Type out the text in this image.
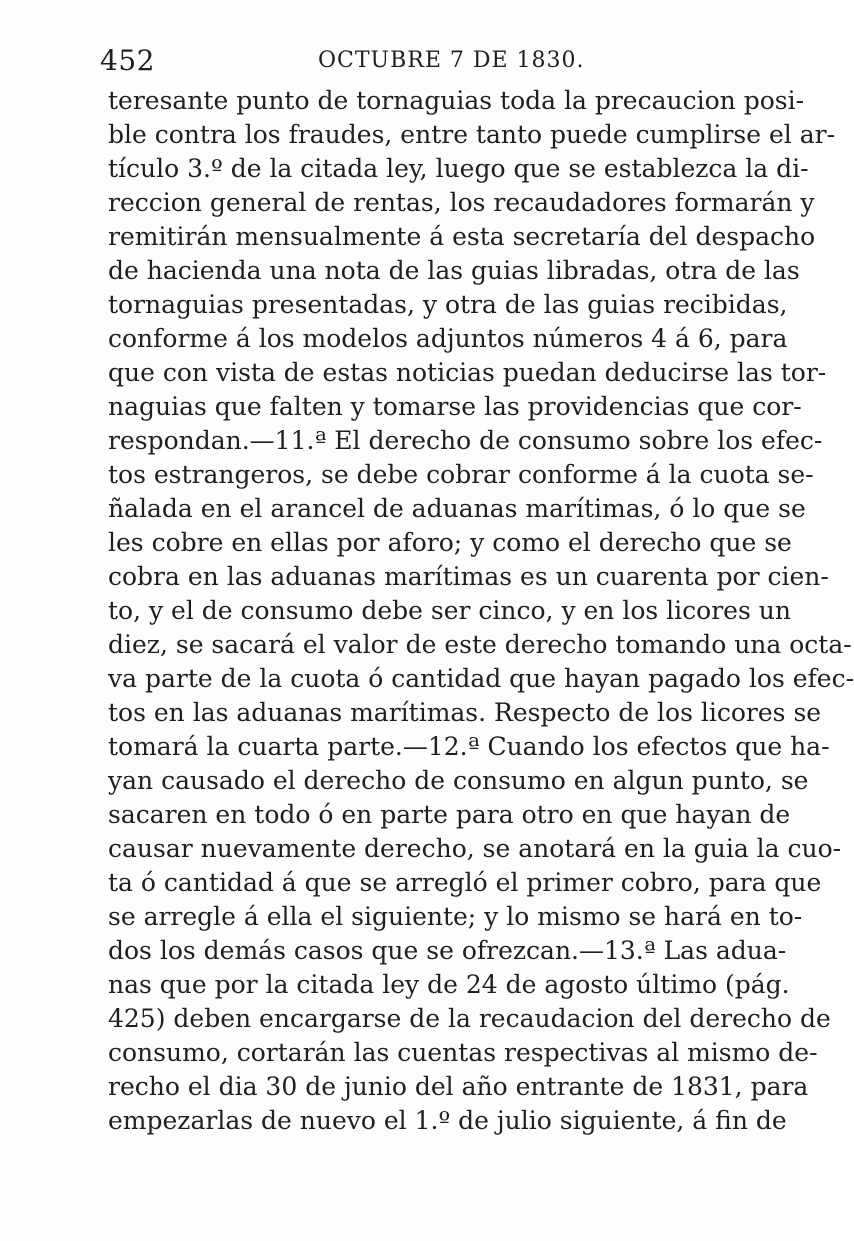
452	OCTUBRE 7 DE 1830.
teresante punto de tornaguias toda la precaucion posi-
ble contra los fraudes, entre tanto puede cumplirse el ar-
tículo 3.º de la citada ley, luego que se establezca la di-
reccion general de rentas, los recaudadores formarán y
remitirán mensualmente á esta secretaría del despacho
de hacienda una nota de las guias libradas, otra de las
tornaguias presentadas, y otra de las guias recibidas,
conforme á los modelos adjuntos números 4 á 6, para
que con vista de estas noticias puedan deducirse las tor-
naguias que falten y tomarse las providencias que cor-
respondan.—11.ª El derecho de consumo sobre los efec-
tos estrangeros, se debe cobrar conforme á la cuota se-
ñalada en el arancel de aduanas marítimas, ó lo que se
les cobre en ellas por aforo; y como el derecho que se
cobra en las aduanas marítimas es un cuarenta por cien-
to, y el de consumo debe ser cinco, y en los licores un
diez, se sacará el valor de este derecho tomando una octa-
va parte de la cuota ó cantidad que hayan pagado los efec-
tos en las aduanas marítimas. Respecto de los licores se
tomará la cuarta parte.—12.ª Cuando los efectos que ha-
yan causado el derecho de consumo en algun punto, se
sacaren en todo ó en parte para otro en que hayan de
causar nuevamente derecho, se anotará en la guia la cuo-
ta ó cantidad á que se arregló el primer cobro, para que
se arregle á ella el siguiente; y lo mismo se hará en to-
dos los demás casos que se ofrezcan.—13.ª Las adua-
nas que por la citada ley de 24 de agosto último (pág.
425) deben encargarse de la recaudacion del derecho de
consumo, cortarán las cuentas respectivas al mismo de-
recho el dia 30 de junio del año entrante de 1831, para
empezarlas de nuevo el 1.º de julio siguiente, á fin de
